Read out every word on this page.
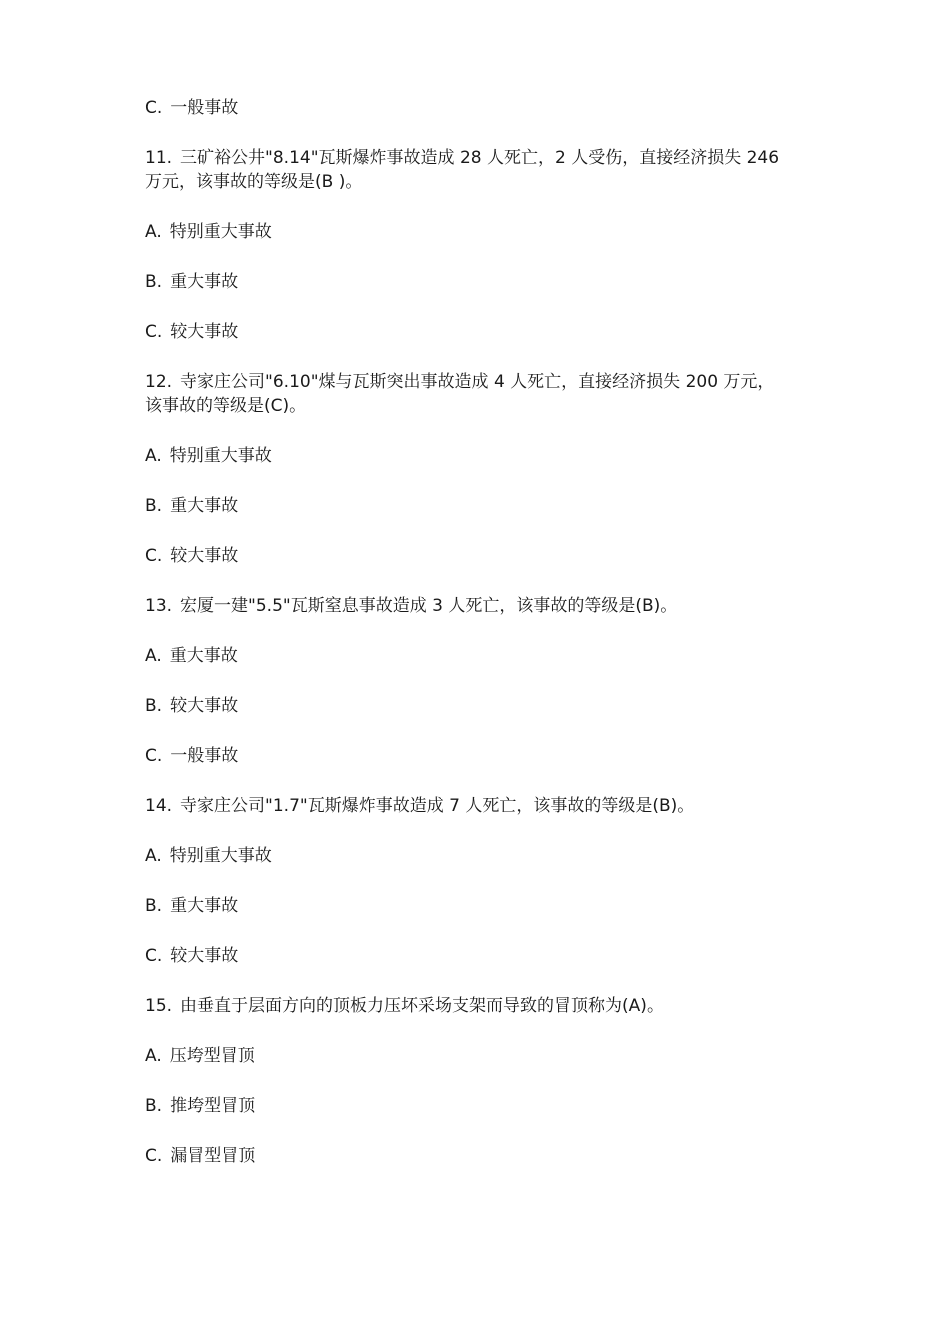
C. 一般事故
11. 三矿裕公井"8.14"瓦斯爆炸事故造成 28 人死亡，2 人受伤，直接经济损失 246
万元，该事故的等级是(B )。
A. 特别重大事故
B. 重大事故
C. 较大事故
12. 寺家庄公司"6.10"煤与瓦斯突出事故造成 4 人死亡，直接经济损失 200 万元，
该事故的等级是(C)。
A. 特别重大事故
B. 重大事故
C. 较大事故
13. 宏厦一建"5.5"瓦斯窒息事故造成 3 人死亡，该事故的等级是(B)。
A. 重大事故
B. 较大事故
C. 一般事故
14. 寺家庄公司"1.7"瓦斯爆炸事故造成 7 人死亡，该事故的等级是(B)。
A. 特别重大事故
B. 重大事故
C. 较大事故
15. 由垂直于层面方向的顶板力压坏采场支架而导致的冒顶称为(A)。
A. 压垮型冒顶
B. 推垮型冒顶
C. 漏冒型冒顶
